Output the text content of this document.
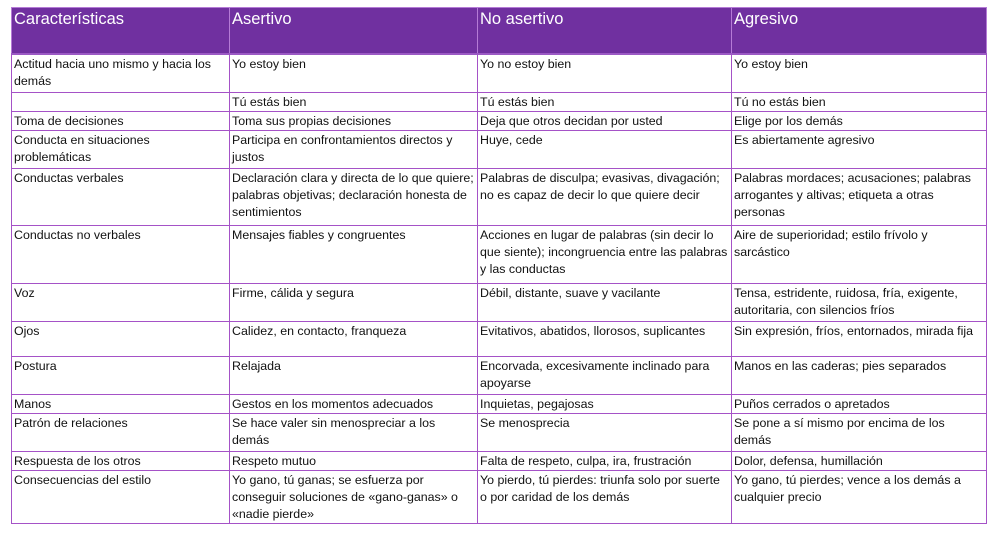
Características	Asertivo	No asertivo	Agresivo
Actitud hacia uno mismo y hacia los demás	Yo estoy bien	Yo no estoy bien	Yo estoy bien
	Tú estás bien	Tú estás bien	Tú no estás bien
Toma de decisiones	Toma sus propias decisiones	Deja que otros decidan por usted	Elige por los demás
Conducta en situaciones problemáticas	Participa en confrontamientos directos y justos	Huye, cede	Es abiertamente agresivo
Conductas verbales	Declaración clara y directa de lo que quiere; palabras objetivas; declaración honesta de sentimientos	Palabras de disculpa; evasivas, divagación; no es capaz de decir lo que quiere decir	Palabras mordaces; acusaciones; palabras arrogantes y altivas; etiqueta a otras personas
Conductas no verbales	Mensajes fiables y congruentes	Acciones en lugar de palabras (sin decir lo que siente); incongruencia entre las palabras y las conductas	Aire de superioridad; estilo frívolo y sarcástico
Voz	Firme, cálida y segura	Débil, distante, suave y vacilante	Tensa, estridente, ruidosa, fría, exigente, autoritaria, con silencios fríos
Ojos	Calidez, en contacto, franqueza	Evitativos, abatidos, llorosos, suplicantes	Sin expresión, fríos, entornados, mirada fija
Postura	Relajada	Encorvada, excesivamente inclinado para apoyarse	Manos en las caderas; pies separados
Manos	Gestos en los momentos adecuados	Inquietas, pegajosas	Puños cerrados o apretados
Patrón de relaciones	Se hace valer sin menospreciar a los demás	Se menosprecia	Se pone a sí mismo por encima de los demás
Respuesta de los otros	Respeto mutuo	Falta de respeto, culpa, ira, frustración	Dolor, defensa, humillación
Consecuencias del estilo	Yo gano, tú ganas; se esfuerza por conseguir soluciones de «gano-ganas» o «nadie pierde»	Yo pierdo, tú pierdes: triunfa solo por suerte o por caridad de los demás	Yo gano, tú pierdes; vence a los demás a cualquier precio
